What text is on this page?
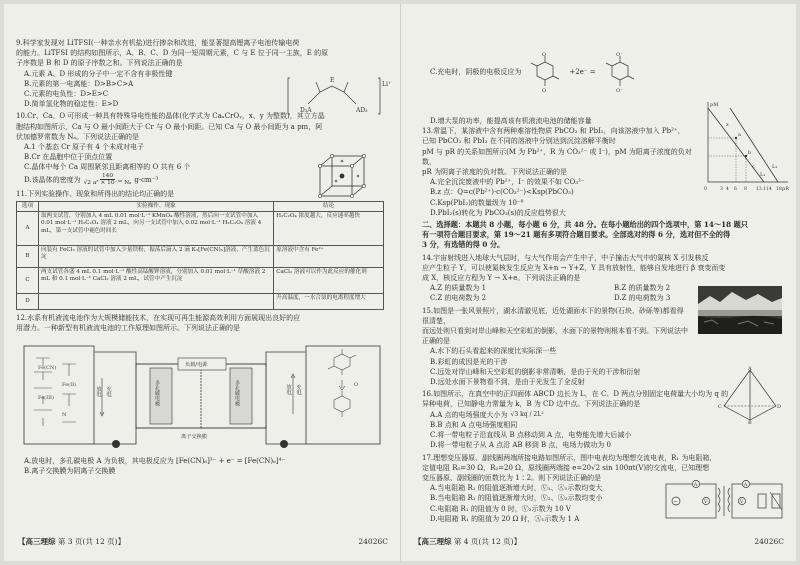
9.科学家发现对 LiTFSI(一种亲水有机盐)进行掺杂和改进，能显著提高锂离子电池传输电荷

的能力。LiTFSI 的结构如图所示，A、B、C、D 为同一短周期元素，C 与 E 位于同一主族，E 的原

子序数是 B 和 D 的原子序数之和。下列说法正确的是

A.元素 A、D 形成的分子中一定不含有非极性键

B.元素的第一电离能：D>B>C>A

C.元素的电负性：D>E>C

D.简单氢化物的稳定性：E>D

E
D₃A	AD₃
Li⁺

10.Cr、Ca、O 可形成一种具有特殊导电性能的晶体(化学式为 CaₓCrOᵧ，x、y 为整数)，其立方晶

胞结构如图所示，Ca 与 O 最小间距大于 Cr 与 O 最小间距。已知 Ca 与 O 最小间距为 a pm，阿

伏加德罗常数为 Nₐ。下列说法正确的是

A.1 个基态 Cr 原子有 4 个未成对电子

B.Cr 在晶胞中位于顶点位置

C.晶体中每个 Ca 周围紧邻且距离相等的 O 共有 6 个

D.该晶体的密度为 $\frac{140}{\text{√2 a³ × 10⁻³⁰ Nₐ}} g\cdot cm^{-3}$

11.下列实验操作、现象和所得出的结论均正确的是

选项	实验操作、现象	结论
A	取两支试管，分别加入 4 mL 0.01 mol·L⁻¹ KMnO₄ 酸性溶液，然后向一支试管中加入 0.01 mol·L⁻¹ H₂C₂O₄ 溶液 2 mL，向另一支试管中加入 0.02 mol·L⁻¹ H₂C₂O₄ 溶液 4 mL，第一支试管中褪色时间长	H₂C₂O₄ 浓度越大，反应速率越快
B	向装有 FeCl₃ 溶液的试管中加入少量铁粉，振荡后滴入 2 滴 K₃[Fe(CN)₆]溶液，产生蓝色沉淀	原溶液中含有 Fe²⁺
C	两支试管各盛 4 mL 0.1 mol·L⁻¹ 酸性高锰酸钾溶液，分别加入 0.01 mol·L⁻¹ 草酸溶液 2 mL 和 0.1 mol·L⁻¹ CaCl₂ 溶液 2 mL，试管中产生沉淀	CaCl₂ 溶液可以作为此反应的催化剂
D		升高温度，一水合氨的电离程度增大

12.水系有机液流电池作为大规模储能技术，在实现可再生能源高效利用方面展现出良好的应

用潜力。一种新型有机液流电池的工作原理如图所示。下列说法正确的是

Fe(CN)
Fe(II)
Fe(III)
N
放电 充电	多孔碳电极	多孔碳电极
离子交换膜
负载/电源
放电 充电	O

A.放电时，多孔碳电极 A 为负极，其电极反应为 [Fe(CN)₆]³⁻ + e⁻ = [Fe(CN)₆]⁴⁻

B.离子交换膜为阴离子交换膜

【高三理综 第 3 页(共 12 页)】	24026C

C.充电时，阴极的电极反应为
O
O
+2e⁻ =
O⁻
O⁻

D.增大泵的功率，能提高该有机液流电池的储能容量

13.常温下，某溶液中含有两种难溶性物质 PbCO₃ 和 PbI₂，向该溶液中加入 Pb²⁺，

已知 PbCO₃ 和 PbI₂ 在不同的溶液中分别达到沉淀溶解平衡时

pM 与 pR 的关系如图所示(M 为 Pb²⁺，R 为 CO₃²⁻ 或 I⁻)，pM 为阳离子浓度的负对数，

pR 为阴离子浓度的负对数。下列说法正确的是

A.完全沉淀废液中的 Pb²⁺，I⁻ 的效果不如 CO₃²⁻

B.z 点：Q=c(Pb²⁺)·c(CO₃²⁻)<Ksp(PbCO₃)

C.Ksp(PbI₂)的数量级为 10⁻⁸

D.PbI₂(s)转化为 PbCO₃(s)的反应趋势很大

pM
pR
a
b
c
z
L₁
L₂
0	3 4 6 8 13.1 14 18

二、选择题：本题共 8 小题，每小题 6 分，共 48 分。在每小题给出的四个选项中，第 14～18 题只

有一项符合题目要求，第 19～21 题有多项符合题目要求。全部选对的得 6 分，选对但不全的得

3 分，有选错的得 0 分。

14.宇宙射线进入地球大气层时，与大气作用会产生中子，中子撞击大气中的氮核 X 引发核反

应产生粒子 Y，可以使氮核发生反应为 X+n → Y+Z，Y 具有放射性，能够自发地进行 β 衰变而变

成 X，核反应方程为 Y → X+e。下列说法正确的是

A.Z 的质量数为 1	B.Z 的质量数为 2
C.Z 的电荷数为 2	D.Z 的电荷数为 3

15.如图是一张风景照片，湖水清澈见底，近处湖面水下的景物(石块、砂砾等)都看得很清楚，

而远处则只看到对岸山峰和天空彩虹的倒影，水面下的景物则根本看不到。下列说法中正确的是

A.水下的石头看起来的深度比实际深一些

B.彩虹的成因是光的干涉

C.远处对岸山峰和天空彩虹的倒影非常清晰，是由于光的干涉和衍射

D.远处水面下景物看不到，是由于光发生了全反射

16.如图所示，在真空中的正四面体 ABCD 边长为 L，在 C、D 两点分别固定电荷量大小均为 q 的

异种电荷，已知静电力常量为 k，B 为 CD 边中点。下列说法正确的是

A.A 点的电场强度大小为 √3 kq / 2L²

B.B 点和 A 点电场强度相同

C.将一带电粒子沿直线从 B 点移动到 A 点，电势能先增大后减小

D.将一带电粒子从 A 点沿 AB 移到 B 点，电场力做功为 0

A
C	D
B

17.理想变压器原、副线圈两端所接电路如图所示，图中电表均为理想交流电表，R₁ 为电阻箱，

定值电阻 R₀=30 Ω，R₂=20 Ω，原线圈两端接 e=20√2 sin 100πt(V)的交流电，已知理想

变压器原、副线圈的匝数比为 1∶2。则下列说法正确的是

A.当电阻箱 R₁ 的阻值逐渐增大时，Ⓥ₁、Ⓐ₁示数均变大

B.当电阻箱 R₁ 的阻值逐渐增大时，Ⓥ₂、Ⓐ₂示数均变小

C.电阻箱 R₁ 的阻值为 0 时，Ⓥ₂示数为 10 V

D.电阻箱 R₁ 的阻值为 20 Ω 时，Ⓐ₁示数为 1 A

~
A
V
A
V
【高三理综 第 4 页(共 12 页)】	24026C
